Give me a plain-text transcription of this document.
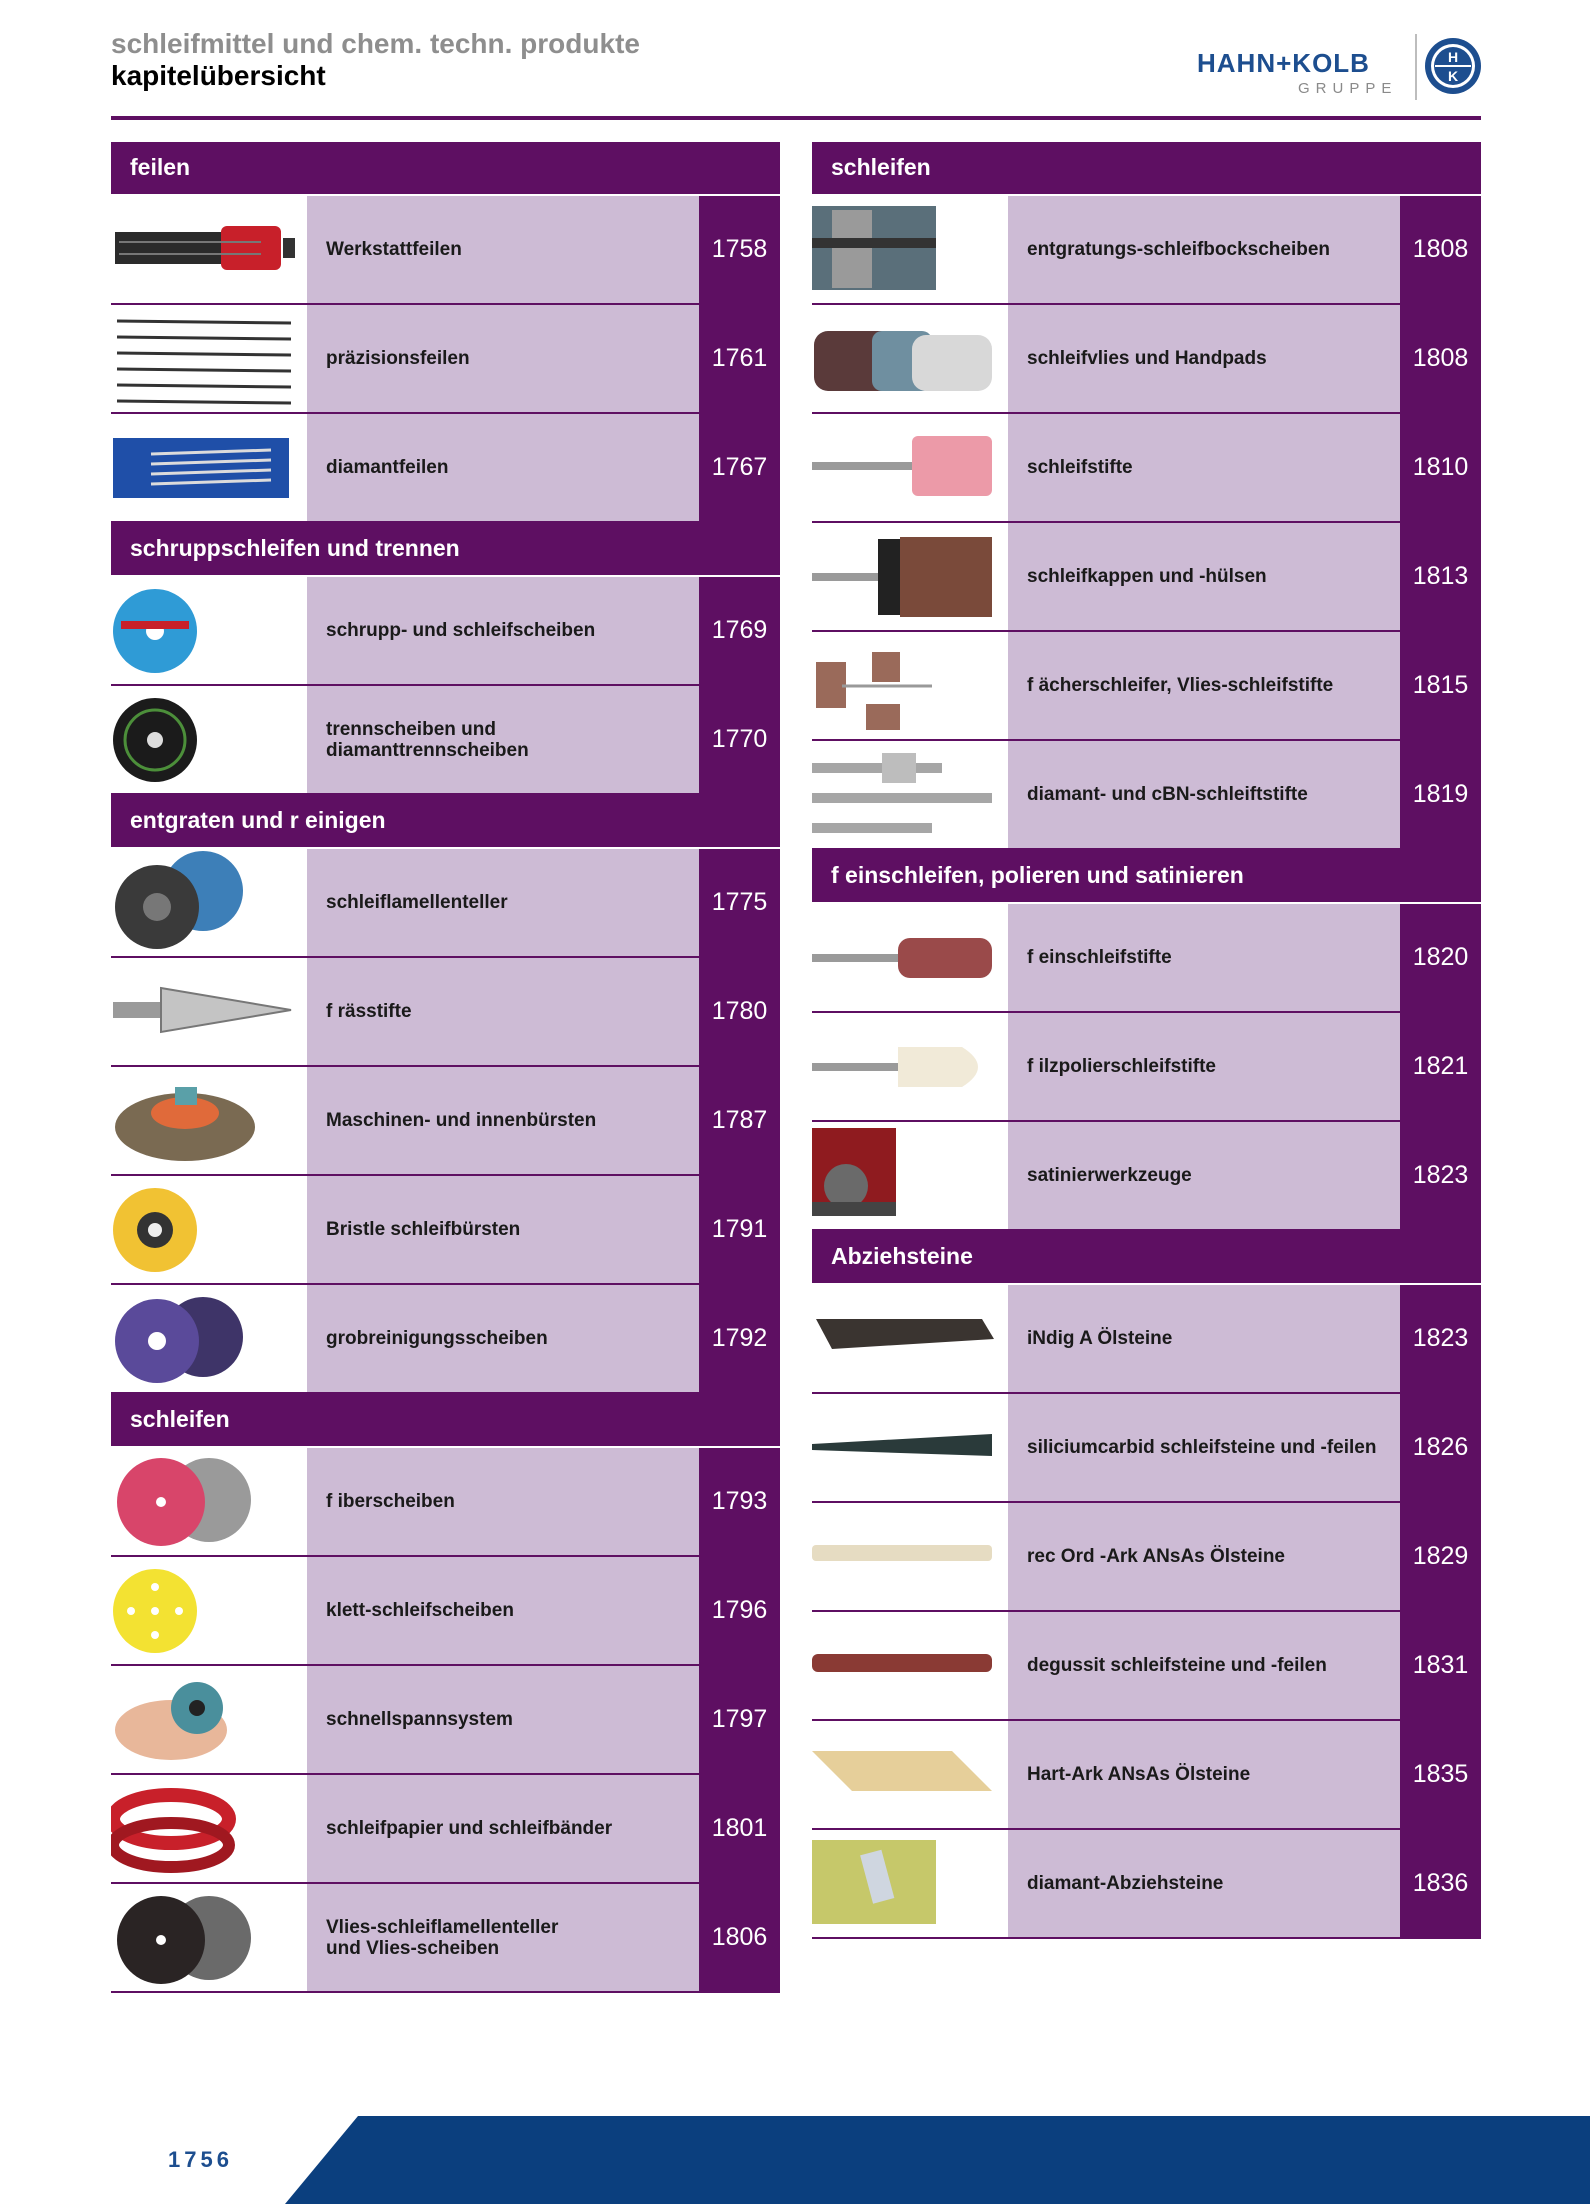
schleifmittel und chem. techn. produkte
kapitelübersicht	HAHN+KOLB
GRUPPE
H
K
feilen
Werkstattfeilen	1758
präzisionsfeilen	1761
diamantfeilen	1767
schruppschleifen und trennen
schrupp- und schleifscheiben	1769
trennscheiben und
diamanttrennscheiben	1770
entgraten und r einigen
schleiflamellenteller	1775
f rässtifte	1780
Maschinen- und innenbürsten	1787
Bristle schleifbürsten	1791
grobreinigungsscheiben	1792
schleifen
f iberscheiben	1793
klett-schleifscheiben	1796
schnellspannsystem	1797
schleifpapier und schleifbänder	1801
Vlies-schleiflamellenteller
und Vlies-scheiben	1806
schleifen
entgratungs-schleifbockscheiben	1808
schleifvlies und Handpads	1808
schleifstifte	1810
schleifkappen und -hülsen	1813
f ächerschleifer, Vlies-schleifstifte	1815
diamant- und cBN-schleiftstifte	1819
f einschleifen, polieren und satinieren
f einschleifstifte	1820
f ilzpolierschleifstifte	1821
satinierwerkzeuge	1823
Abziehsteine
iNdig A Ölsteine	1823
siliciumcarbid schleifsteine und -feilen	1826
rec Ord -Ark ANsAs Ölsteine	1829
degussit schleifsteine und -feilen	1831
Hart-Ark ANsAs Ölsteine	1835
diamant-Abziehsteine	1836
1756
